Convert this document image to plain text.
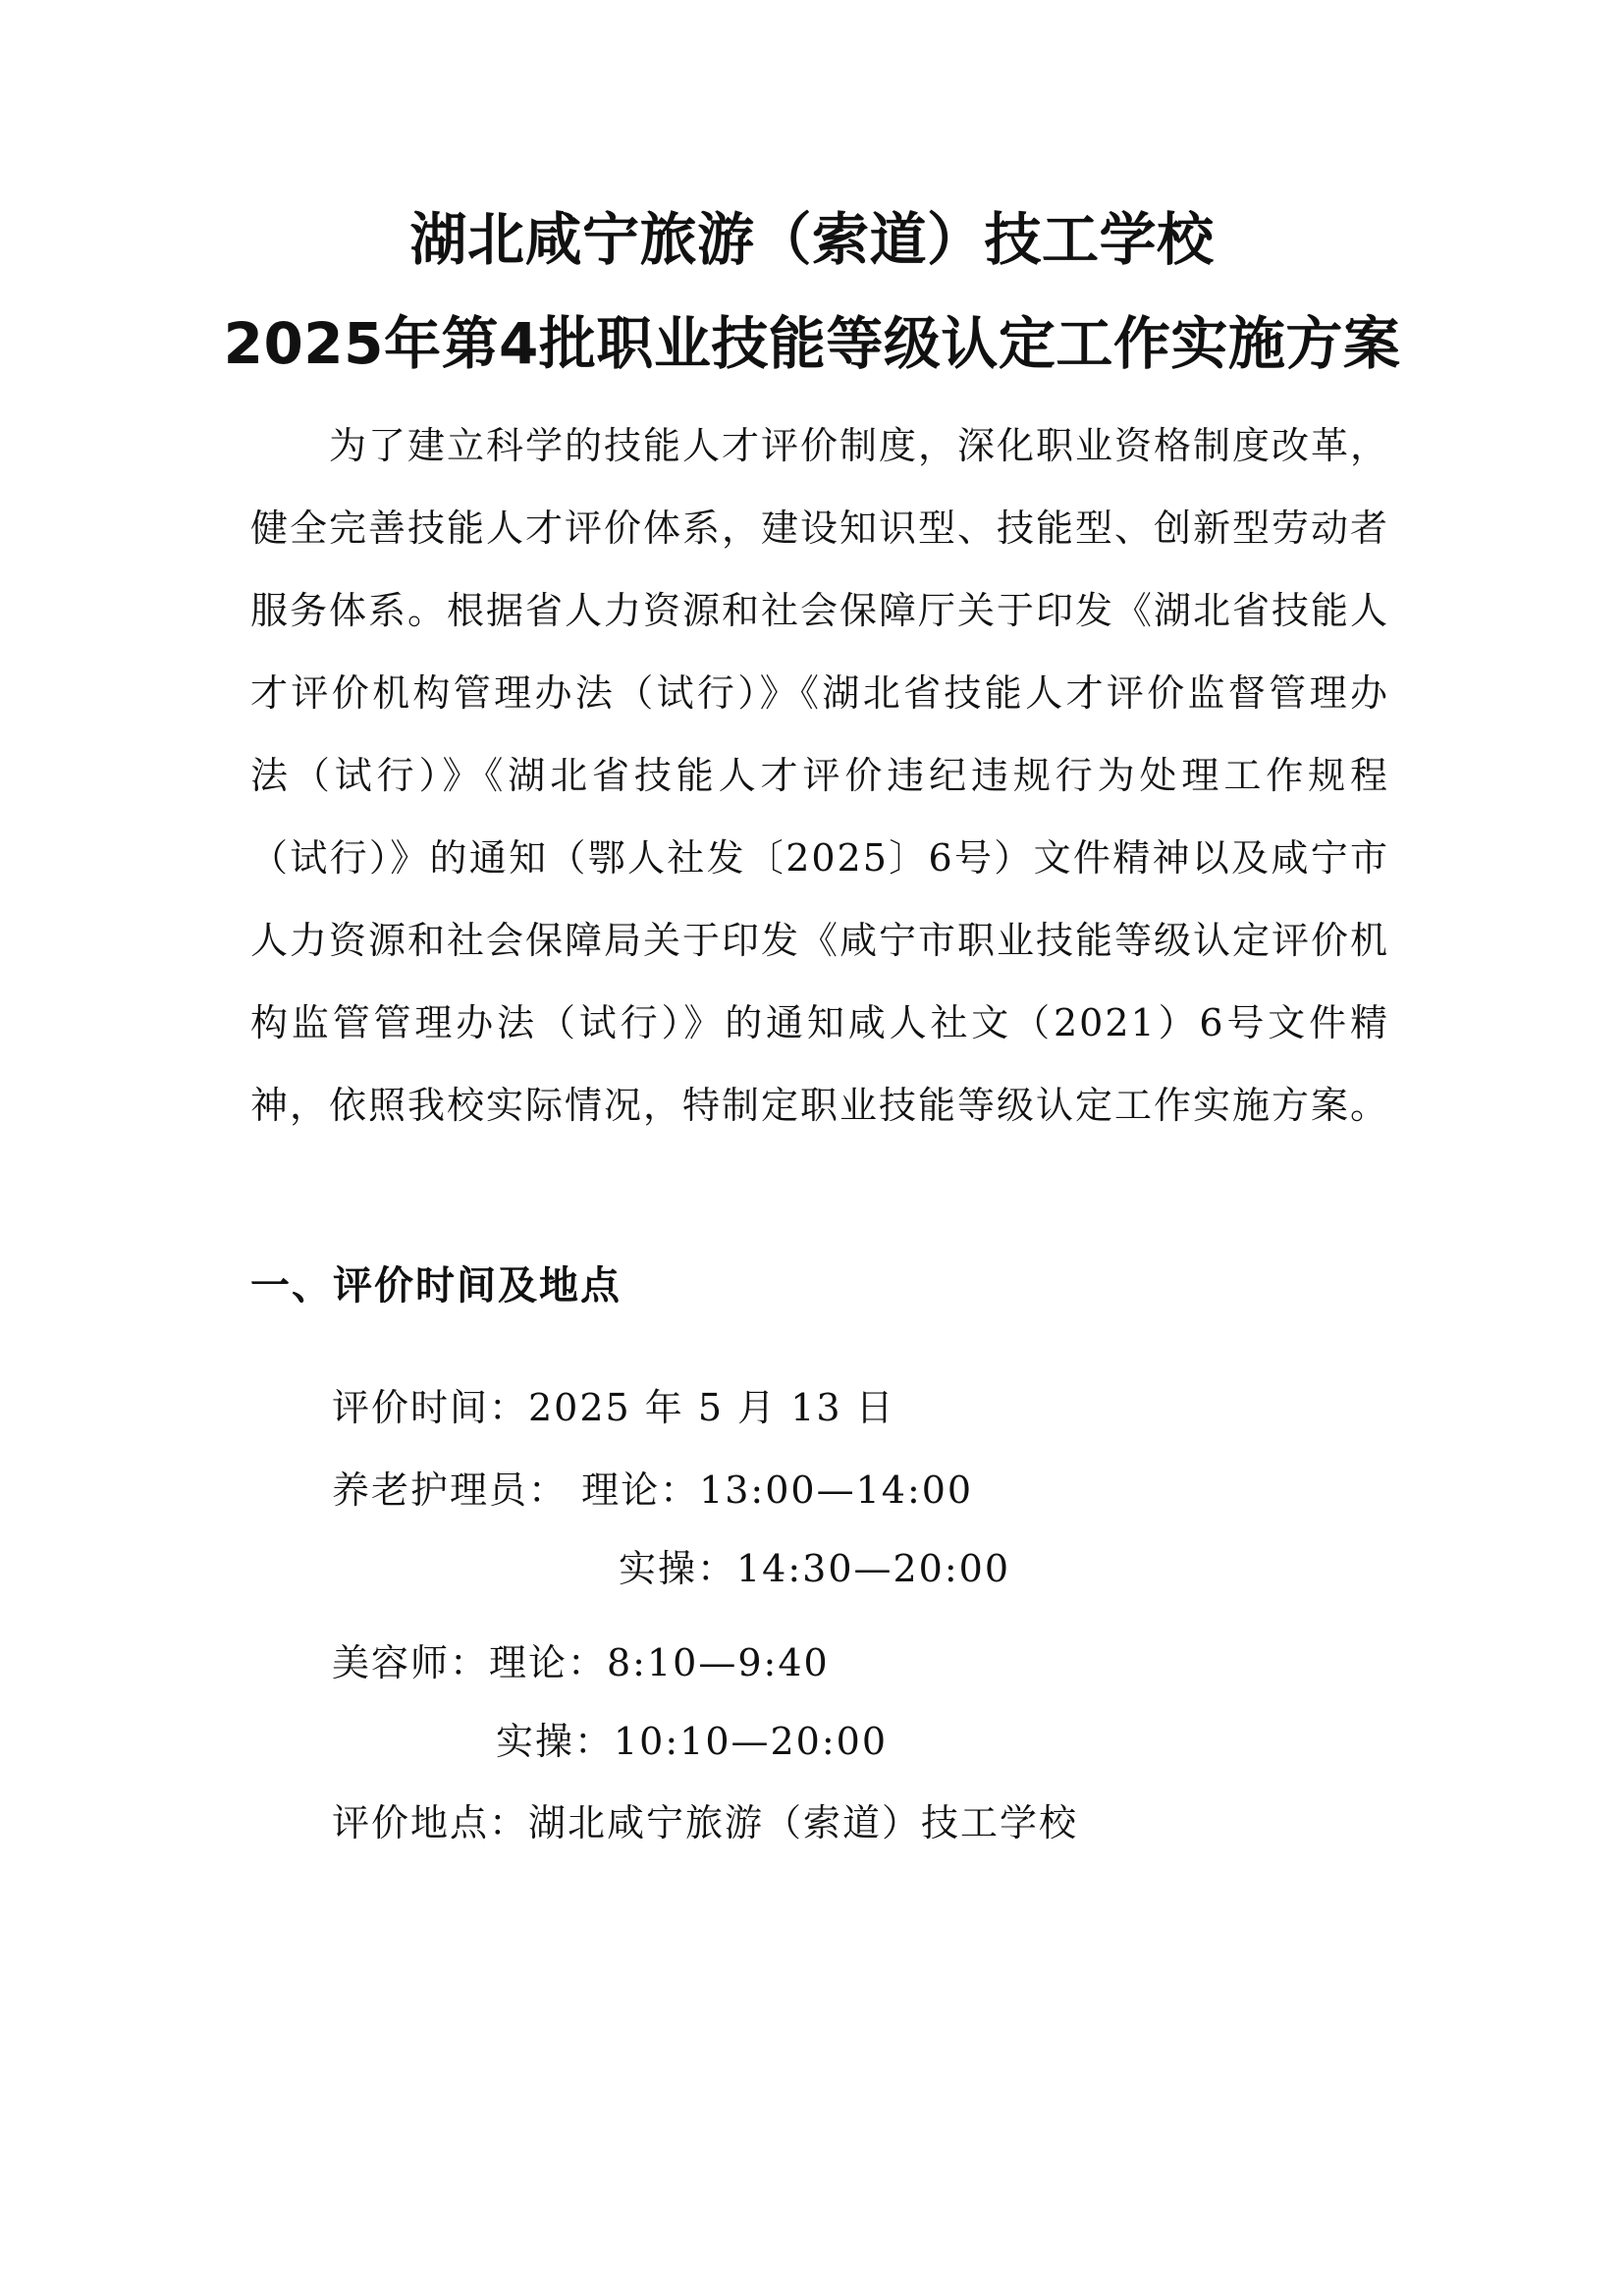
湖北咸宁旅游（索道）技工学校
2025年第4批职业技能等级认定工作实施方案

为了建立科学的技能人才评价制度，深化职业资格制度改革，健全完善技能人才评价体系，建设知识型、技能型、创新型劳动者服务体系。根据省人力资源和社会保障厅关于印发《湖北省技能人才评价机构管理办法（试行）》《湖北省技能人才评价监督管理办法（试行）》《湖北省技能人才评价违纪违规行为处理工作规程（试行）》的通知（鄂人社发〔2025〕6号）文件精神以及咸宁市人力资源和社会保障局关于印发《咸宁市职业技能等级认定评价机构监管管理办法（试行）》的通知咸人社文（2021）6号文件精神，依照我校实际情况，特制定职业技能等级认定工作实施方案。

一、评价时间及地点
评价时间：2025 年 5 月 13 日
养老护理员： 理论：13:00—14:00
实操：14:30—20:00
美容师：理论：8:10—9:40
实操：10:10—20:00
评价地点：湖北咸宁旅游（索道）技工学校
